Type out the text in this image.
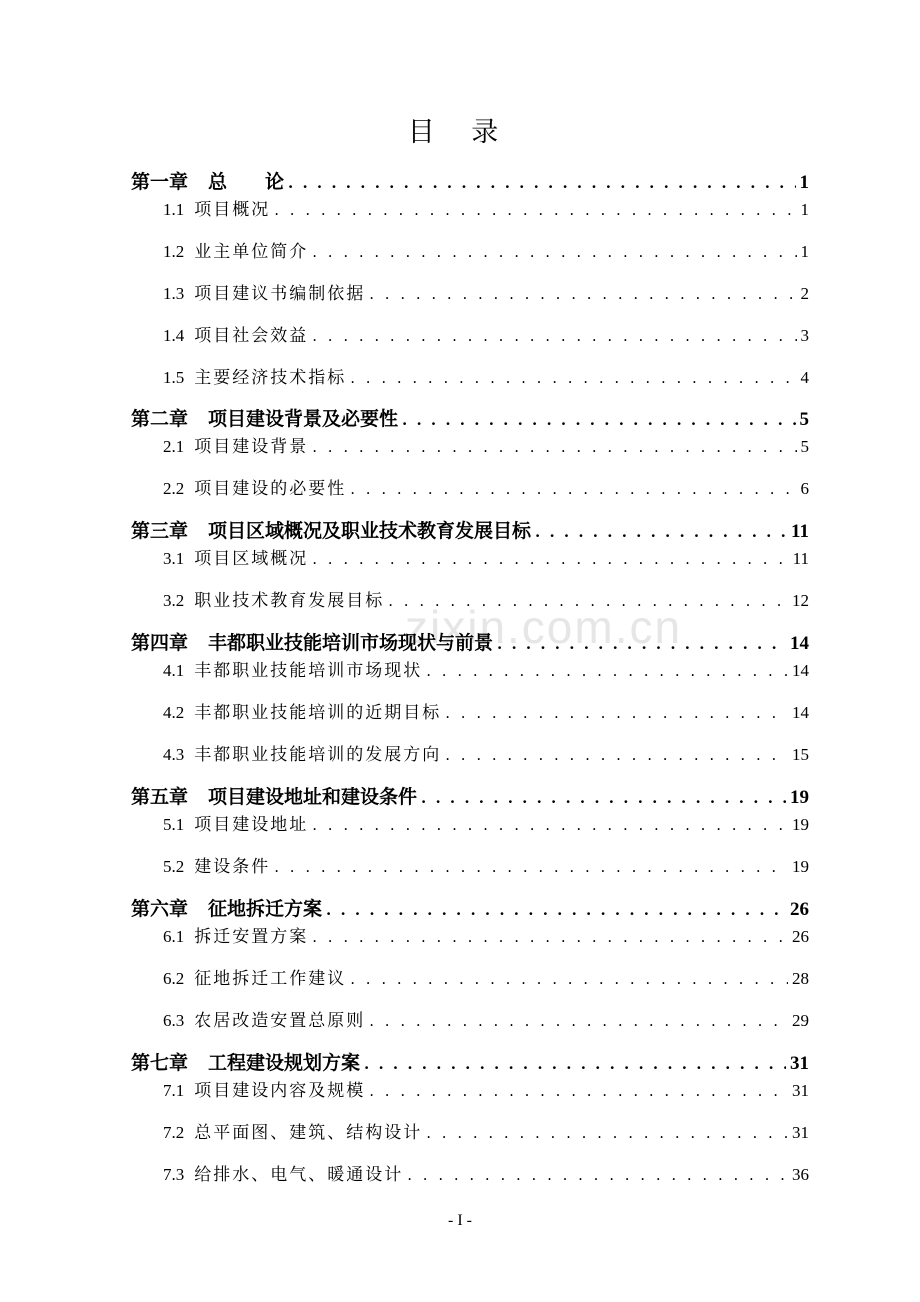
目 录
zixin.com.cn
第一章 总　　论 . . .	1
1.1 项目概况 . . .	1
1.2 业主单位简介 . . .	1
1.3 项目建议书编制依据 . . .	2
1.4 项目社会效益 . . .	3
1.5 主要经济技术指标 . . .	4
第二章 项目建设背景及必要性 . . .	5
2.1 项目建设背景 . . .	5
2.2 项目建设的必要性 . . .	6
第三章 项目区域概况及职业技术教育发展目标 . . .	11
3.1 项目区域概况 . . .	11
3.2 职业技术教育发展目标 . . .	12
第四章 丰都职业技能培训市场现状与前景 . . .	14
4.1 丰都职业技能培训市场现状 . . .	14
4.2 丰都职业技能培训的近期目标 . . .	14
4.3 丰都职业技能培训的发展方向 . . .	15
第五章 项目建设地址和建设条件 . . .	19
5.1 项目建设地址 . . .	19
5.2 建设条件 . . .	19
第六章 征地拆迁方案 . . .	26
6.1 拆迁安置方案 . . .	26
6.2 征地拆迁工作建议 . . .	28
6.3 农居改造安置总原则 . . .	29
第七章 工程建设规划方案 . . .	31
7.1 项目建设内容及规模 . . .	31
7.2 总平面图、建筑、结构设计 . . .	31
7.3 给排水、电气、暖通设计 . . .	36
- I -
